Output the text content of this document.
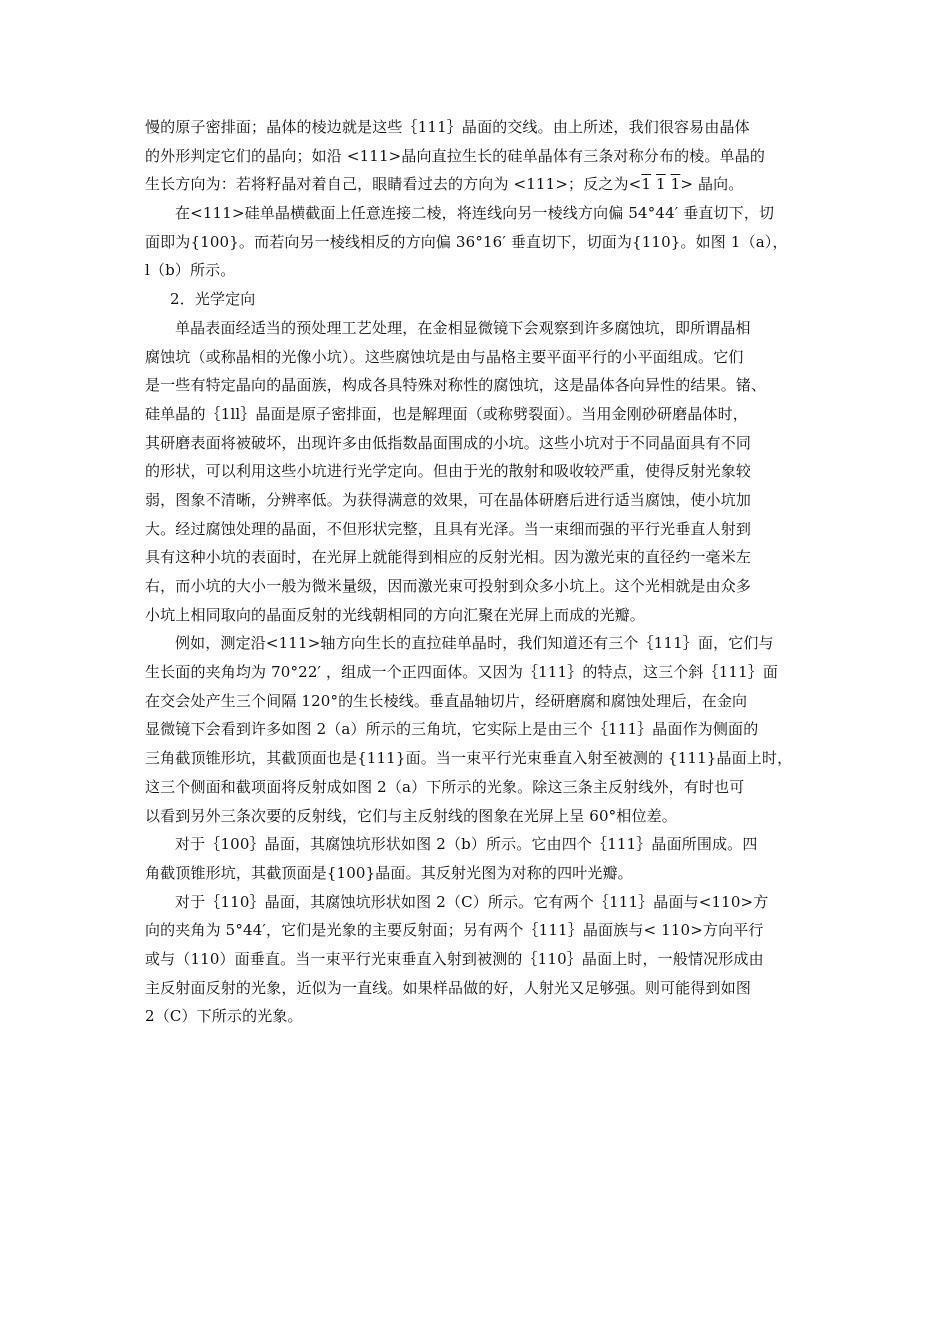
慢的原子密排面；晶体的棱边就是这些｛111｝晶面的交线。由上所述，我们很容易由晶体
的外形判定它们的晶向；如沿 <111>晶向直拉生长的硅单晶体有三条对称分布的棱。单晶的
生长方向为：若将籽晶对着自己，眼睛看过去的方向为 <111>；反之为<1 1 1> 晶向。
在<111>硅单晶横截面上任意连接二棱，将连线向另一棱线方向偏 54°44′ 垂直切下，切
面即为{100}。而若向另一棱线相反的方向偏 36°16′ 垂直切下，切面为{110}。如图 1（a），
l（b）所示。
2．光学定向
单晶表面经适当的预处理工艺处理，在金相显微镜下会观察到许多腐蚀坑，即所谓晶相
腐蚀坑（或称晶相的光像小坑）。这些腐蚀坑是由与晶格主要平面平行的小平面组成。它们
是一些有特定晶向的晶面族，构成各具特殊对称性的腐蚀坑，这是晶体各向异性的结果。锗、
硅单晶的｛1ll｝晶面是原子密排面，也是解理面（或称劈裂面）。当用金刚砂研磨晶体时，
其研磨表面将被破坏，出现许多由低指数晶面围成的小坑。这些小坑对于不同晶面具有不同
的形状，可以利用这些小坑进行光学定向。但由于光的散射和吸收较严重，使得反射光象较
弱，图象不清晰，分辨率低。为获得满意的效果，可在晶体研磨后进行适当腐蚀，使小坑加
大。经过腐蚀处理的晶面，不但形状完整，且具有光泽。当一束细而强的平行光垂直人射到
具有这种小坑的表面时，在光屏上就能得到相应的反射光相。因为激光束的直径约一毫米左
右，而小坑的大小一般为微米量级，因而激光束可投射到众多小坑上。这个光相就是由众多
小坑上相同取向的晶面反射的光线朝相同的方向汇聚在光屏上而成的光瓣。
例如，测定沿<111>轴方向生长的直拉硅单晶时，我们知道还有三个｛111｝面，它们与
生长面的夹角均为 70°22′ ，组成一个正四面体。又因为｛111｝的特点，这三个斜｛111｝面
在交会处产生三个间隔 120°的生长棱线。垂直晶轴切片，经研磨腐和腐蚀处理后，在金向
显微镜下会看到许多如图 2（a）所示的三角坑，它实际上是由三个｛111｝晶面作为侧面的
三角截顶锥形坑，其截顶面也是{111}面。当一束平行光束垂直入射至被测的 {111}晶面上时，
这三个侧面和截项面将反射成如图 2（a）下所示的光象。除这三条主反射线外，有时也可
以看到另外三条次要的反射线，它们与主反射线的图象在光屏上呈 60°相位差。
对于｛100｝晶面，其腐蚀坑形状如图 2（b）所示。它由四个｛111｝晶面所围成。四
角截顶锥形坑，其截顶面是{100}晶面。其反射光图为对称的四叶光瓣。
对于｛110｝晶面，其腐蚀坑形状如图 2（C）所示。它有两个｛111｝晶面与<110>方
向的夹角为 5°44′，它们是光象的主要反射面；另有两个｛111｝晶面族与< 110>方向平行
或与（110）面垂直。当一束平行光束垂直入射到被测的｛110｝晶面上时，一般情况形成由
主反射面反射的光象，近似为一直线。如果样品做的好，人射光又足够强。则可能得到如图
2（C）下所示的光象。
